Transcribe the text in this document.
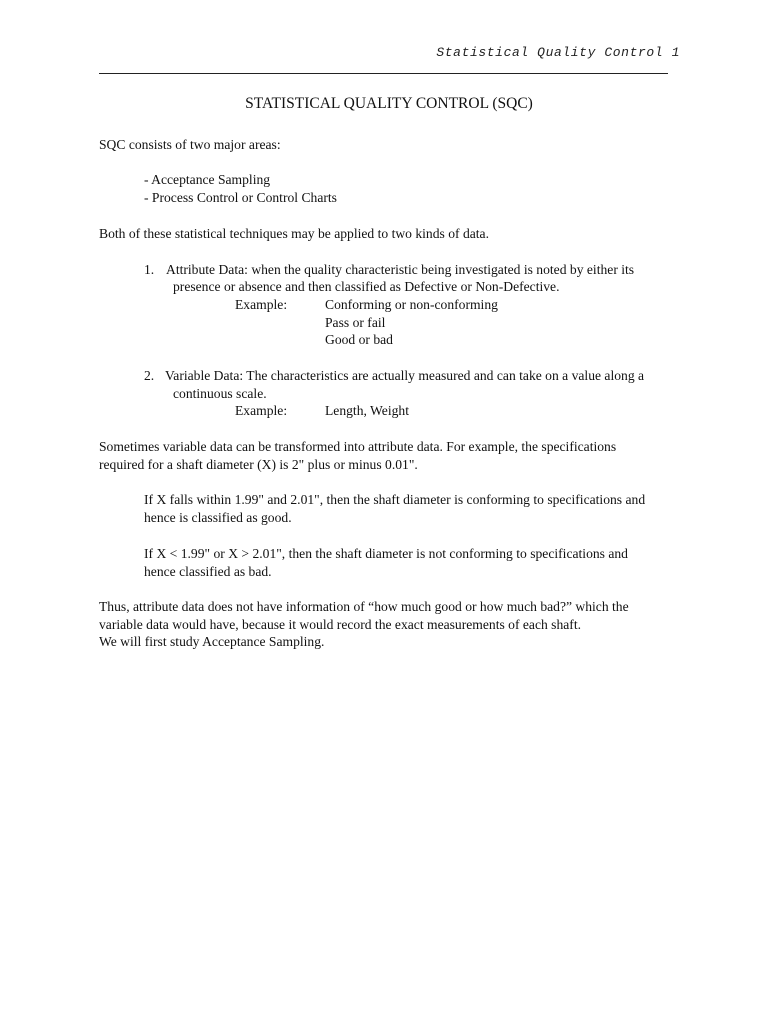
Statistical Quality Control 1
STATISTICAL QUALITY CONTROL (SQC)
SQC consists of two major areas:
- Acceptance Sampling
- Process Control or Control Charts
Both of these statistical techniques may be applied to two kinds of data.
1. Attribute Data: when the quality characteristic being investigated is noted by either its
presence or absence and then classified as Defective or Non-Defective.
Example:	Conforming or non-conforming
Pass or fail
Good or bad
2. Variable Data: The characteristics are actually measured and can take on a value along a
continuous scale.
Example:	Length, Weight
Sometimes variable data can be transformed into attribute data. For example, the specifications
required for a shaft diameter (X) is 2" plus or minus 0.01".
If X falls within 1.99" and 2.01", then the shaft diameter is conforming to specifications and
hence is classified as good.
If X < 1.99" or X > 2.01", then the shaft diameter is not conforming to specifications and
hence classified as bad.
Thus, attribute data does not have information of “how much good or how much bad?” which the
variable data would have, because it would record the exact measurements of each shaft.
We will first study Acceptance Sampling.
